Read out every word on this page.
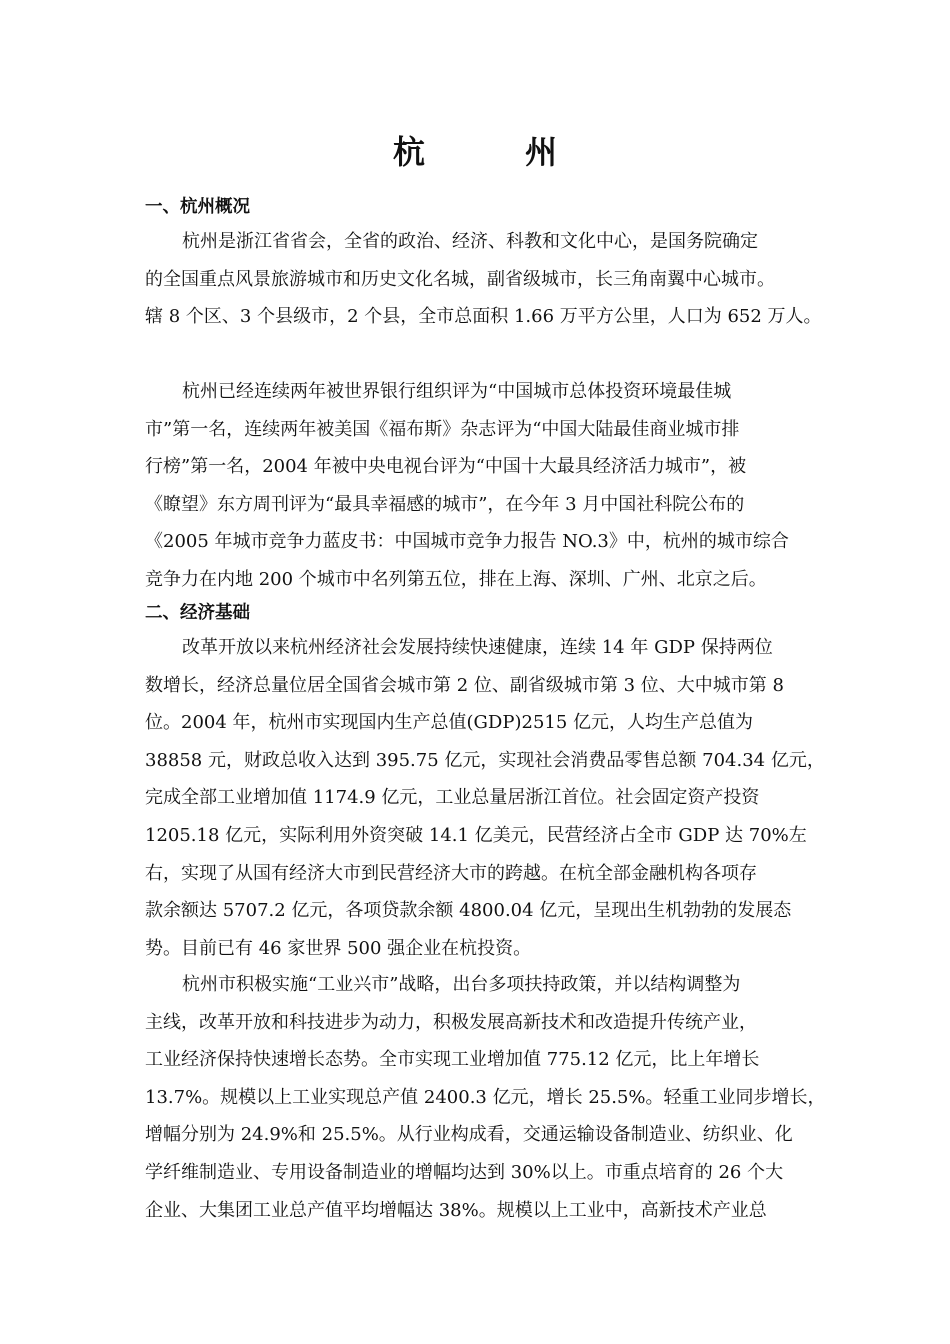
杭　州
一、杭州概况
杭州是浙江省省会，全省的政治、经济、科教和文化中心，是国务院确定
的全国重点风景旅游城市和历史文化名城，副省级城市，长三角南翼中心城市。
辖 8 个区、3 个县级市，2 个县，全市总面积 1.66 万平方公里，人口为 652 万人。
杭州已经连续两年被世界银行组织评为“中国城市总体投资环境最佳城
市”第一名，连续两年被美国《福布斯》杂志评为“中国大陆最佳商业城市排
行榜”第一名，2004 年被中央电视台评为“中国十大最具经济活力城市”，被
《瞭望》东方周刊评为“最具幸福感的城市”，在今年 3 月中国社科院公布的
《2005 年城市竞争力蓝皮书：中国城市竞争力报告 NO.3》中，杭州的城市综合
竞争力在内地 200 个城市中名列第五位，排在上海、深圳、广州、北京之后。
二、经济基础
改革开放以来杭州经济社会发展持续快速健康，连续 14 年 GDP 保持两位
数增长，经济总量位居全国省会城市第 2 位、副省级城市第 3 位、大中城市第 8
位。2004 年，杭州市实现国内生产总值(GDP)2515 亿元，人均生产总值为
38858 元，财政总收入达到 395.75 亿元，实现社会消费品零售总额 704.34 亿元，
完成全部工业增加值 1174.9 亿元，工业总量居浙江首位。社会固定资产投资
1205.18 亿元，实际利用外资突破 14.1 亿美元，民营经济占全市 GDP 达 70%左
右，实现了从国有经济大市到民营经济大市的跨越。在杭全部金融机构各项存
款余额达 5707.2 亿元，各项贷款余额 4800.04 亿元，呈现出生机勃勃的发展态
势。目前已有 46 家世界 500 强企业在杭投资。
杭州市积极实施“工业兴市”战略，出台多项扶持政策，并以结构调整为
主线，改革开放和科技进步为动力，积极发展高新技术和改造提升传统产业，
工业经济保持快速增长态势。全市实现工业增加值 775.12 亿元，比上年增长
13.7%。规模以上工业实现总产值 2400.3 亿元，增长 25.5%。轻重工业同步增长，
增幅分别为 24.9%和 25.5%。从行业构成看，交通运输设备制造业、纺织业、化
学纤维制造业、专用设备制造业的增幅均达到 30%以上。市重点培育的 26 个大
企业、大集团工业总产值平均增幅达 38%。规模以上工业中，高新技术产业总
